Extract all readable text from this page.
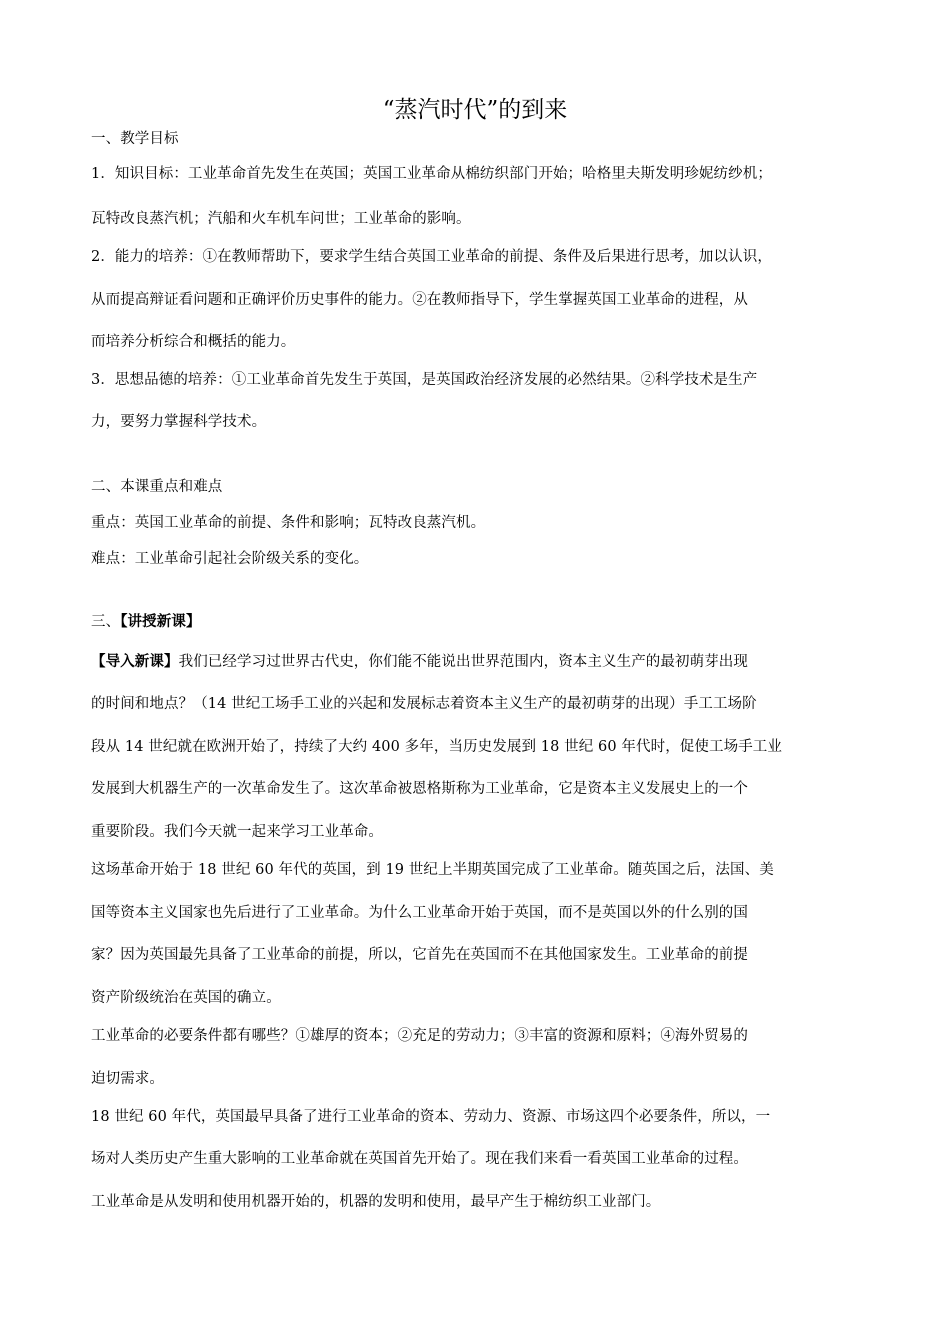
“蒸汽时代”的到来
一、教学目标
1．知识目标：工业革命首先发生在英国；英国工业革命从棉纺织部门开始；哈格里夫斯发明珍妮纺纱机；
瓦特改良蒸汽机；汽船和火车机车问世；工业革命的影响。
2．能力的培养：①在教师帮助下，要求学生结合英国工业革命的前提、条件及后果进行思考，加以认识，
从而提高辩证看问题和正确评价历史事件的能力。②在教师指导下，学生掌握英国工业革命的进程，从
而培养分析综合和概括的能力。
3．思想品德的培养：①工业革命首先发生于英国，是英国政治经济发展的必然结果。②科学技术是生产
力，要努力掌握科学技术。
二、本课重点和难点
重点：英国工业革命的前提、条件和影响；瓦特改良蒸汽机。
难点：工业革命引起社会阶级关系的变化。
三、【讲授新课】
【导入新课】我们已经学习过世界古代史，你们能不能说出世界范围内，资本主义生产的最初萌芽出现
的时间和地点？（14 世纪工场手工业的兴起和发展标志着资本主义生产的最初萌芽的出现）手工工场阶
段从 14 世纪就在欧洲开始了，持续了大约 400 多年，当历史发展到 18 世纪 60 年代时，促使工场手工业
发展到大机器生产的一次革命发生了。这次革命被恩格斯称为工业革命，它是资本主义发展史上的一个
重要阶段。我们今天就一起来学习工业革命。
这场革命开始于 18 世纪 60 年代的英国，到 19 世纪上半期英国完成了工业革命。随英国之后，法国、美
国等资本主义国家也先后进行了工业革命。为什么工业革命开始于英国，而不是英国以外的什么别的国
家？因为英国最先具备了工业革命的前提，所以，它首先在英国而不在其他国家发生。工业革命的前提
资产阶级统治在英国的确立。
工业革命的必要条件都有哪些？①雄厚的资本；②充足的劳动力；③丰富的资源和原料；④海外贸易的
迫切需求。
18 世纪 60 年代，英国最早具备了进行工业革命的资本、劳动力、资源、市场这四个必要条件，所以，一
场对人类历史产生重大影响的工业革命就在英国首先开始了。现在我们来看一看英国工业革命的过程。
工业革命是从发明和使用机器开始的，机器的发明和使用，最早产生于棉纺织工业部门。
